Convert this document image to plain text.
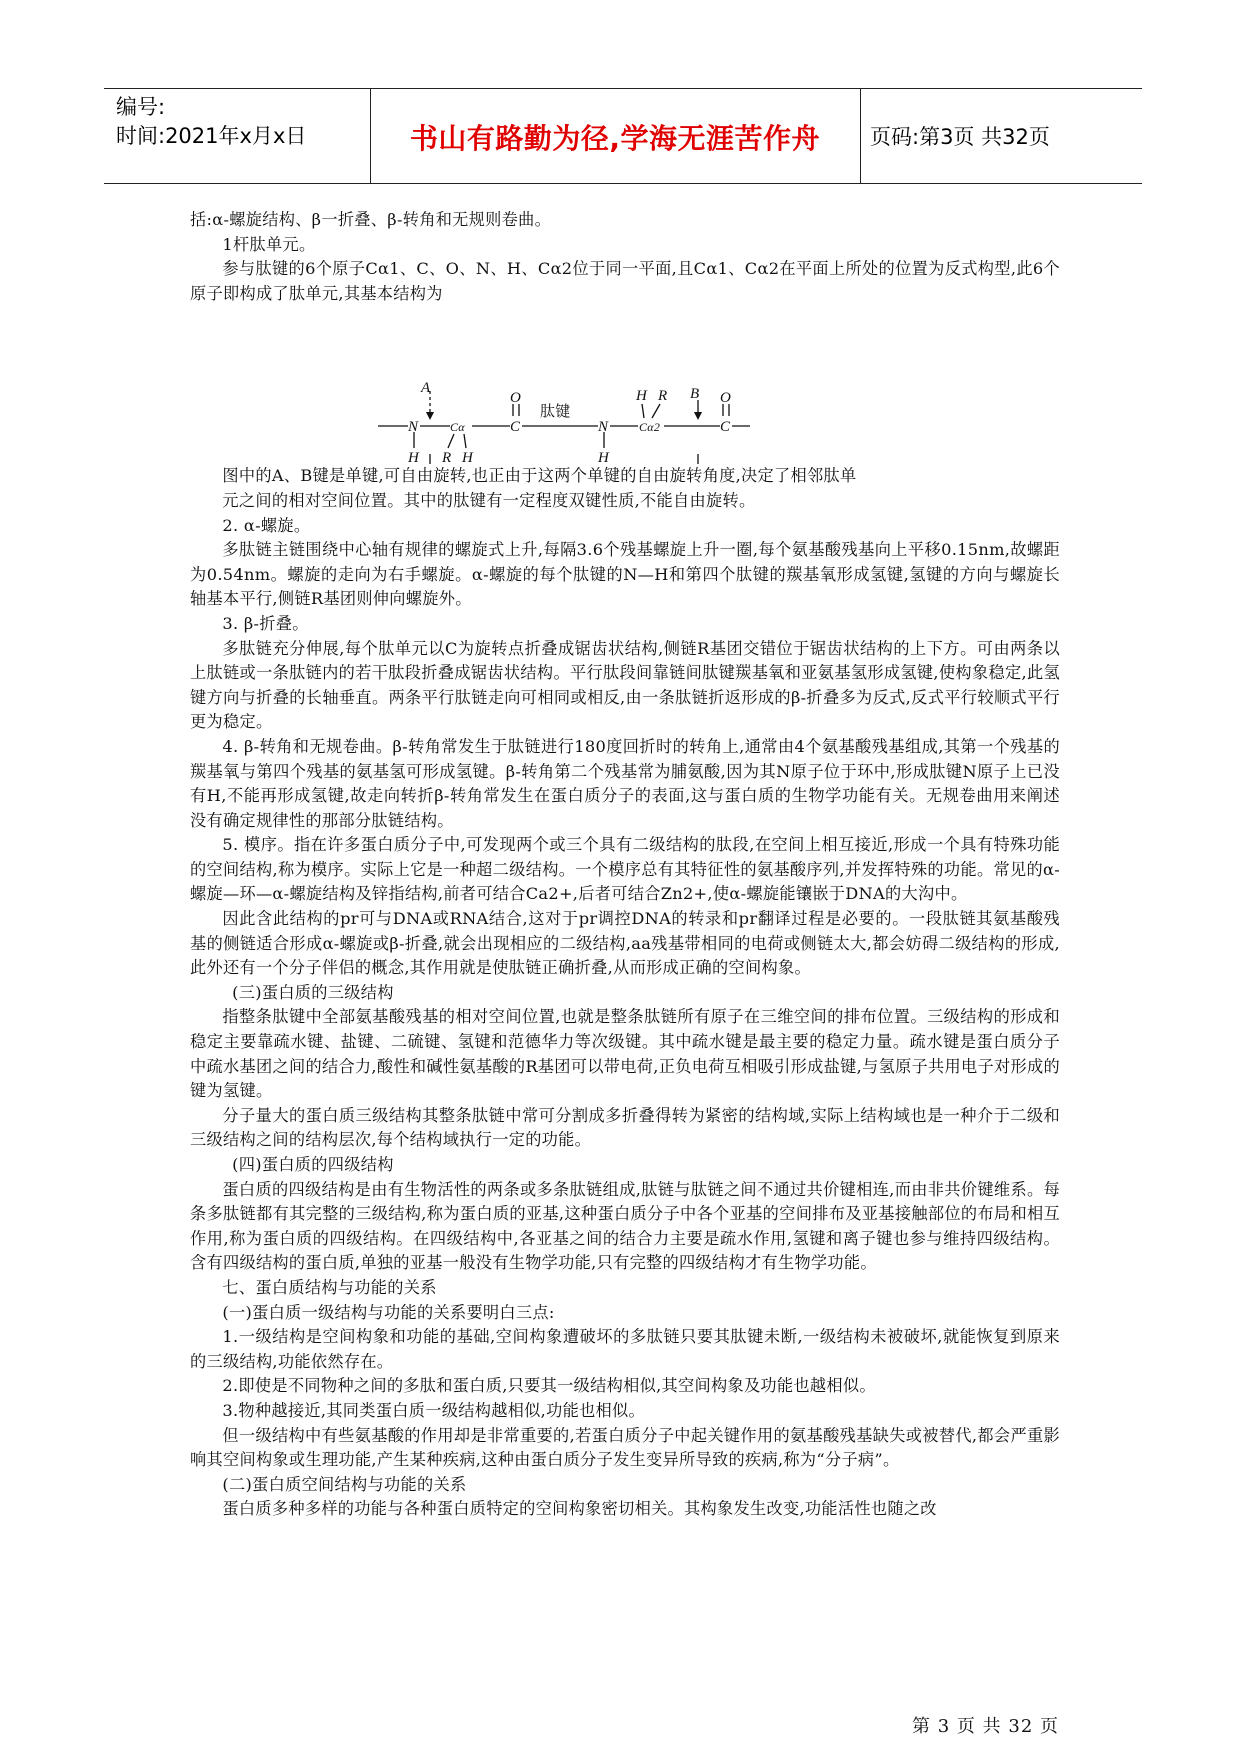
编号:
时间:2021年x月x日	书山有路勤为径,学海无涯苦作舟	页码:第3页 共32页

括:α-螺旋结构、β一折叠、β-转角和无规则卷曲。

1杆肽单元。

参与肽键的6个原子Cα1、C、O、N、H、Cα2位于同一平面,且Cα1、Cα2在平面上所处的位置为反式构型,此6个原子即构成了肽单元,其基本结构为

A	B
O	O
肽键
N	N
Cα	Cα2
C	C
H	H
H
H
R
R

图中的A、B键是单键,可自由旋转,也正由于这两个单键的自由旋转角度,决定了相邻肽单

元之间的相对空间位置。其中的肽键有一定程度双键性质,不能自由旋转。

2. α-螺旋。

多肽链主链围绕中心轴有规律的螺旋式上升,每隔3.6个残基螺旋上升一圈,每个氨基酸残基向上平移0.15nm,故螺距为0.54nm。螺旋的走向为右手螺旋。α-螺旋的每个肽键的N—H和第四个肽键的羰基氧形成氢键,氢键的方向与螺旋长轴基本平行,侧链R基团则伸向螺旋外。

3. β-折叠。

多肽链充分伸展,每个肽单元以C为旋转点折叠成锯齿状结构,侧链R基团交错位于锯齿状结构的上下方。可由两条以上肽链或一条肽链内的若干肽段折叠成锯齿状结构。平行肽段间靠链间肽键羰基氧和亚氨基氢形成氢键,使构象稳定,此氢键方向与折叠的长轴垂直。两条平行肽链走向可相同或相反,由一条肽链折返形成的β-折叠多为反式,反式平行较顺式平行更为稳定。

4. β-转角和无规卷曲。β-转角常发生于肽链进行180度回折时的转角上,通常由4个氨基酸残基组成,其第一个残基的羰基氧与第四个残基的氨基氢可形成氢键。β-转角第二个残基常为脯氨酸,因为其N原子位于环中,形成肽键N原子上已没有H,不能再形成氢键,故走向转折β-转角常发生在蛋白质分子的表面,这与蛋白质的生物学功能有关。无规卷曲用来阐述没有确定规律性的那部分肽链结构。

5. 模序。指在许多蛋白质分子中,可发现两个或三个具有二级结构的肽段,在空间上相互接近,形成一个具有特殊功能的空间结构,称为模序。实际上它是一种超二级结构。一个模序总有其特征性的氨基酸序列,并发挥特殊的功能。常见的α-螺旋—环—α-螺旋结构及锌指结构,前者可结合Ca2+,后者可结合Zn2+,使α-螺旋能镶嵌于DNA的大沟中。

因此含此结构的pr可与DNA或RNA结合,这对于pr调控DNA的转录和pr翻译过程是必要的。一段肽链其氨基酸残基的侧链适合形成α-螺旋或β-折叠,就会出现相应的二级结构,aa残基带相同的电荷或侧链太大,都会妨碍二级结构的形成,此外还有一个分子伴侣的概念,其作用就是使肽链正确折叠,从而形成正确的空间构象。

(三)蛋白质的三级结构

指整条肽键中全部氨基酸残基的相对空间位置,也就是整条肽链所有原子在三维空间的排布位置。三级结构的形成和稳定主要靠疏水键、盐键、二硫键、氢键和范德华力等次级键。其中疏水键是最主要的稳定力量。疏水键是蛋白质分子中疏水基团之间的结合力,酸性和碱性氨基酸的R基团可以带电荷,正负电荷互相吸引形成盐键,与氢原子共用电子对形成的键为氢键。

分子量大的蛋白质三级结构其整条肽链中常可分割成多折叠得转为紧密的结构域,实际上结构域也是一种介于二级和三级结构之间的结构层次,每个结构域执行一定的功能。

(四)蛋白质的四级结构

蛋白质的四级结构是由有生物活性的两条或多条肽链组成,肽链与肽链之间不通过共价键相连,而由非共价键维系。每条多肽链都有其完整的三级结构,称为蛋白质的亚基,这种蛋白质分子中各个亚基的空间排布及亚基接触部位的布局和相互作用,称为蛋白质的四级结构。在四级结构中,各亚基之间的结合力主要是疏水作用,氢键和离子键也参与维持四级结构。含有四级结构的蛋白质,单独的亚基一般没有生物学功能,只有完整的四级结构才有生物学功能。

七、蛋白质结构与功能的关系

(一)蛋白质一级结构与功能的关系要明白三点:

1.一级结构是空间构象和功能的基础,空间构象遭破坏的多肽链只要其肽键未断,一级结构未被破坏,就能恢复到原来的三级结构,功能依然存在。

2.即使是不同物种之间的多肽和蛋白质,只要其一级结构相似,其空间构象及功能也越相似。

3.物种越接近,其同类蛋白质一级结构越相似,功能也相似。

但一级结构中有些氨基酸的作用却是非常重要的,若蛋白质分子中起关键作用的氨基酸残基缺失或被替代,都会严重影响其空间构象或生理功能,产生某种疾病,这种由蛋白质分子发生变异所导致的疾病,称为“分子病”。

(二)蛋白质空间结构与功能的关系

蛋白质多种多样的功能与各种蛋白质特定的空间构象密切相关。其构象发生改变,功能活性也随之改

第 3 页 共 32 页
